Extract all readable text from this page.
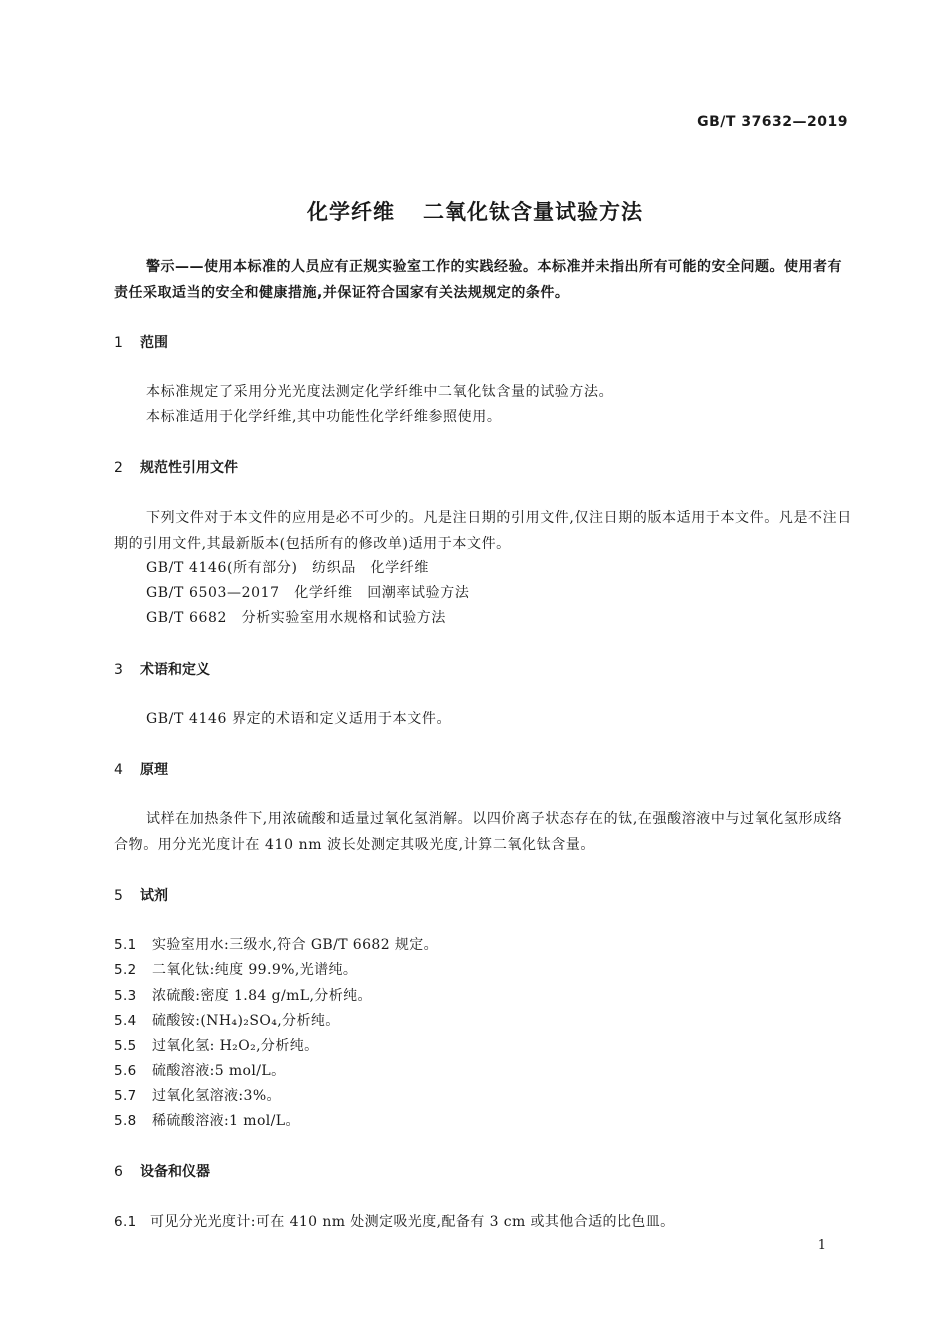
GB/T 37632—2019
化学纤维 二氧化钛含量试验方法
警示——使用本标准的人员应有正规实验室工作的实践经验。本标准并未指出所有可能的安全问题。使用者有责任采取适当的安全和健康措施,并保证符合国家有关法规规定的条件。
1 范围
本标准规定了采用分光光度法测定化学纤维中二氧化钛含量的试验方法。
本标准适用于化学纤维,其中功能性化学纤维参照使用。
2 规范性引用文件
下列文件对于本文件的应用是必不可少的。凡是注日期的引用文件,仅注日期的版本适用于本文件。凡是不注日期的引用文件,其最新版本(包括所有的修改单)适用于本文件。
GB/T 4146(所有部分)　纺织品　化学纤维
GB/T 6503—2017　化学纤维　回潮率试验方法
GB/T 6682　分析实验室用水规格和试验方法
3 术语和定义
GB/T 4146 界定的术语和定义适用于本文件。
4 原理
试样在加热条件下,用浓硫酸和适量过氧化氢消解。以四价离子状态存在的钛,在强酸溶液中与过氧化氢形成络合物。用分光光度计在 410 nm 波长处测定其吸光度,计算二氧化钛含量。
5 试剂
5.1 实验室用水:三级水,符合 GB/T 6682 规定。
5.2 二氧化钛:纯度 99.9%,光谱纯。
5.3 浓硫酸:密度 1.84 g/mL,分析纯。
5.4 硫酸铵:(NH₄)₂SO₄,分析纯。
5.5 过氧化氢: H₂O₂,分析纯。
5.6 硫酸溶液:5 mol/L。
5.7 过氧化氢溶液:3%。
5.8 稀硫酸溶液:1 mol/L。
6 设备和仪器
6.1 可见分光光度计:可在 410 nm 处测定吸光度,配备有 3 cm 或其他合适的比色皿。
1
